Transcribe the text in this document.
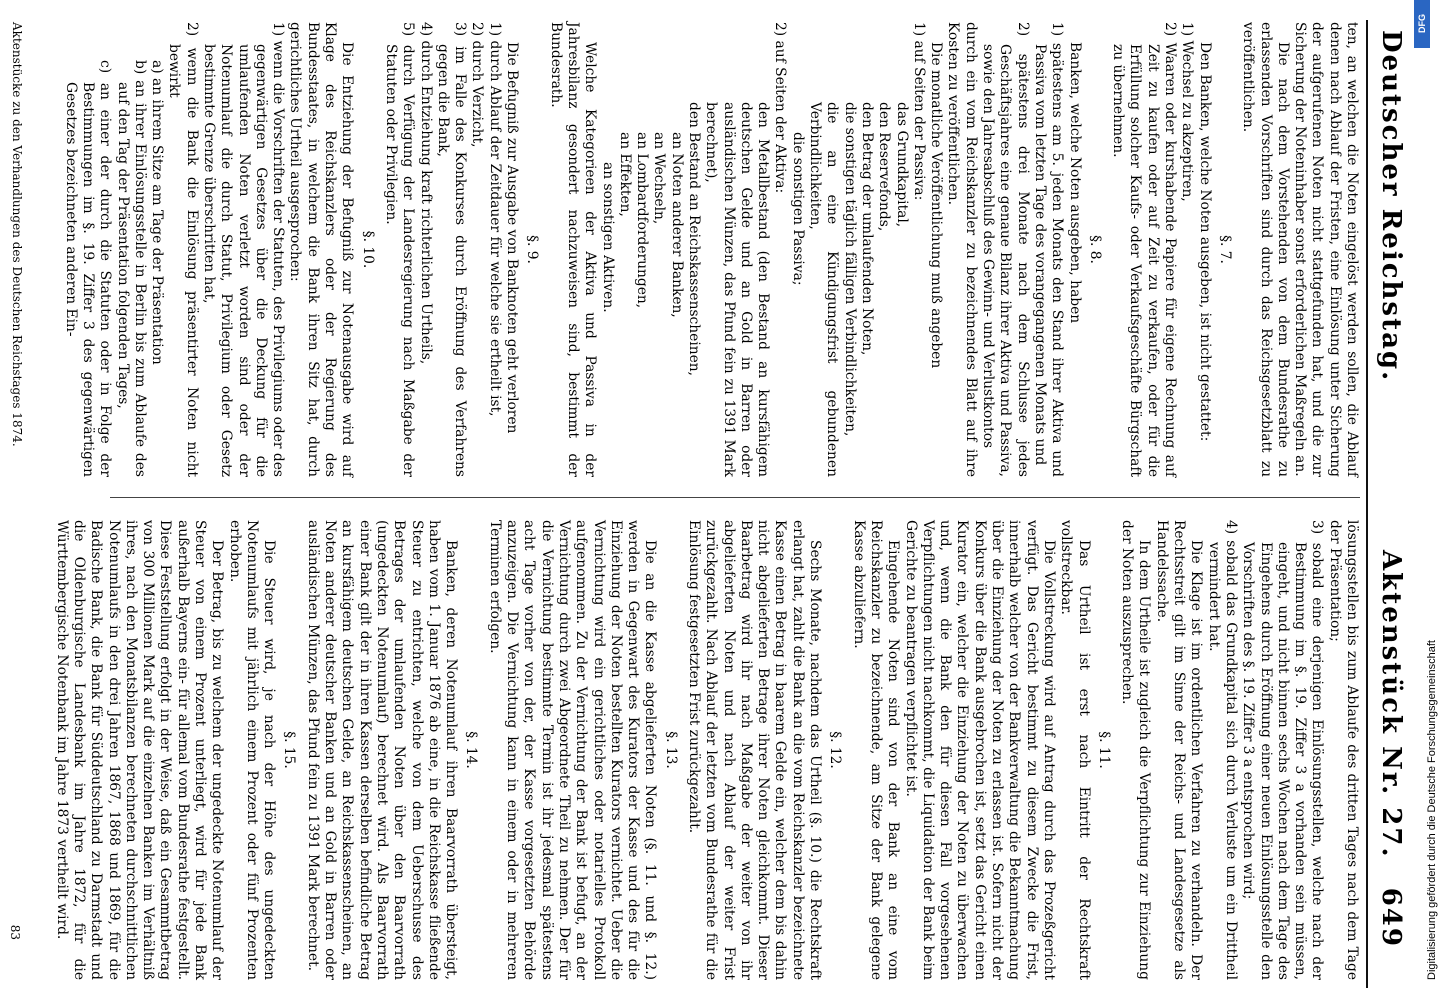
Deutscher Reichstag.
Aktenstück Nr. 27.
649

ten, an welchen die Noten eingelöst werden sollen, die Ablauf denen nach Ablauf der Fristen, eine Einlösung unter Sicherung der aufgerufenen Noten nicht stattgefunden hat, und die zur Sicherung der Noteninhaber sonst erforderlichen Maßregeln an.

Die nach dem Vorstehenden von dem Bundesrathe zu erlassenden Vorschriften sind durch das Reichsgesetzblatt zu veröffentlichen.

§. 7.

Den Banken, welche Noten ausgeben, ist nicht gestattet:

1) Wechsel zu akzeptiren,

2) Waaren oder kurshabende Papiere für eigene Rechnung auf Zeit zu kaufen oder auf Zeit zu verkaufen, oder für die Erfüllung solcher Kaufs- oder Verkaufsgeschäfte Bürgschaft zu übernehmen.

§. 8.

Banken, welche Noten ausgeben, haben

1) spätestens am 5. jeden Monats den Stand ihrer Aktiva und Passiva vom letzten Tage des vorangegangenen Monats und

2) spätestens drei Monate nach dem Schlusse jedes Geschäftsjahres eine genaue Bilanz ihrer Aktiva und Passiva, sowie den Jahresabschluß des Gewinn- und Verlustkontos

durch ein vom Reichskanzler zu bezeichnendes Blatt auf ihre Kosten zu veröffentlichen.

Die monatliche Veröffentlichung muß angeben

1) auf Seiten der Passiva:

das Grundkapital,

den Reservefonds,

den Betrag der umlaufenden Noten,

die sonstigen täglich fälligen Verbindlichkeiten,

die an eine Kündigungsfrist gebundenen Verbindlichkeiten,

die sonstigen Passiva;

2) auf Seiten der Aktiva:

den Metallbestand (den Bestand an kursfähigem deutschen Gelde und an Gold in Barren oder ausländischen Münzen, das Pfund fein zu 1391 Mark berechnet),

den Bestand an Reichskassenscheinen,

an Noten anderer Banken,

an Wechseln,

an Lombardforderungen,

an Effekten,

an sonstigen Aktiven.

Welche Kategorieen der Aktiva und Passiva in der Jahresbilanz gesondert nachzuweisen sind, bestimmt der Bundesrath.

§. 9.

Die Befugniß zur Ausgabe von Banknoten geht verloren

1) durch Ablauf der Zeitdauer für welche sie ertheilt ist,

2) durch Verzicht,

3) im Falle des Konkurses durch Eröffnung des Verfahrens gegen die Bank,

4) durch Entziehung kraft richterlichen Urtheils,

5) durch Verfügung der Landesregierung nach Maßgabe der Statuten oder Privilegien.

§. 10.

Die Entziehung der Befugniß zur Notenausgabe wird auf Klage des Reichskanzlers oder der Regierung des Bundesstaates, in welchem die Bank ihren Sitz hat, durch gerichtliches Urtheil ausgesprochen:

1) wenn die Vorschriften der Statuten, des Privilegiums oder des gegenwärtigen Gesetzes über die Deckung für die umlaufenden Noten verletzt worden sind oder der Notenumlauf die durch Statut, Privilegium oder Gesetz bestimmte Grenze überschritten hat,

2) wenn die Bank die Einlösung präsentirter Noten nicht bewirkt

a) an ihrem Sitze am Tage der Präsentation

b) an ihrer Einlösungsstelle in Berlin bis zum Ablaufe des auf den Tag der Präsentation folgenden Tages,

c) an einer der durch die Statuten oder in Folge der Bestimmungen im §. 19. Ziffer 3 des gegenwärtigen Gesetzes bezeichneten anderen Ein-

lösungsstellen bis zum Ablaufe des dritten Tages nach dem Tage der Präsentation;

3) sobald eine derjenigen Einlösungsstellen, welche nach der Bestimmung im §. 19. Ziffer 3 a vorhanden sein müssen, eingeht, und nicht binnen sechs Wochen nach dem Tage des Eingehens durch Eröffnung einer neuen Einlösungsstelle den Vorschriften des §. 19. Ziffer 3 a entsprochen wird;

4) sobald das Grundkapital sich durch Verluste um ein Drittheil vermindert hat.

Die Klage ist im ordentlichen Verfahren zu verhandeln. Der Rechtsstreit gilt im Sinne der Reichs- und Landesgesetze als Handelssache.

In dem Urtheile ist zugleich die Verpflichtung zur Einziehung der Noten auszusprechen.

§. 11.

Das Urtheil ist erst nach Eintritt der Rechtskraft vollstreckbar.

Die Vollstreckung wird auf Antrag durch das Prozeßgericht verfügt. Das Gericht bestimmt zu diesem Zwecke die Frist, innerhalb welcher von der Bankverwaltung die Bekanntmachung über die Einziehung der Noten zu erlassen ist. Sofern nicht der Konkurs über die Bank ausgebrochen ist, setzt das Gericht einen Kurator ein, welcher die Einziehung der Noten zu überwachen und, wenn die Bank den für diesen Fall vorgesehenen Verpflichtungen nicht nachkommt, die Liquidation der Bank beim Gerichte zu beantragen verpflichtet ist.

Eingehende Noten sind von der Bank an eine vom Reichskanzler zu bezeichnende, am Sitze der Bank gelegene Kasse abzuliefern.

§. 12.

Sechs Monate, nachdem das Urtheil (§. 10.) die Rechtskraft erlangt hat, zahlt die Bank an die vom Reichskanzler bezeichnete Kasse einen Betrag in baarem Gelde ein, welcher dem bis dahin nicht abgelieferten Betrage ihrer Noten gleichkommt. Dieser Baarbetrag wird ihr nach Maßgabe der weiter von ihr abgelieferten Noten und nach Ablauf der weiter Frist zurückgezahlt. Nach Ablauf der letzten vom Bundesrathe für die Einlösung festgesetzten Frist zurückgezahlt.

§. 13.

Die an die Kasse abgelieferten Noten (§. 11. und §. 12.) werden in Gegenwart des Kurators der Kasse und des für die Einziehung der Noten bestellten Kurators vernichtet. Ueber die Vernichtung wird ein gerichtliches oder notarielles Protokoll aufgenommen. Zu der Vernichtung der Bank ist befugt, an der Vernichtung durch zwei Abgeordnete Theil zu nehmen. Der für die Vernichtung bestimmte Termin ist ihr jedesmal spätestens acht Tage vorher von der, der Kasse vorgesetzten Behörde anzuzeigen. Die Vernichtung kann in einem oder in mehreren Terminen erfolgen.

§. 14.

Banken, deren Notenumlauf ihren Baarvorrath übersteigt, haben vom 1. Januar 1876 ab eine, in die Reichskasse fließende Steuer zu entrichten, welche von dem Ueberschusse des Betrages der umlaufenden Noten über den Baarvorrath (ungedeckten Notenumlauf) berechnet wird. Als Baarvorrath einer Bank gilt der in ihren Kassen derselben befindliche Betrag an kursfähigem deutschen Gelde, an Reichskassenscheinen, an Noten anderer deutscher Banken und an Gold in Barren oder ausländischen Münzen, das Pfund fein zu 1391 Mark berechnet.

§. 15.

Die Steuer wird, je nach der Höhe des ungedeckten Notenumlaufs mit jährlich einem Prozent oder fünf Prozenten erhoben.

Der Betrag, bis zu welchem der ungedeckte Notenumlauf der Steuer von einem Prozent unterliegt, wird für jede Bank außerhalb Bayerns ein- für allemal vom Bundesrathe festgestellt. Diese Feststellung erfolgt in der Weise, daß ein Gesammtbetrag von 300 Millionen Mark auf die einzelnen Banken im Verhältniß ihres, nach den Monatsbilanzen berechneten durchschnittlichen Notenumlaufs in den drei Jahren 1867, 1868 und 1869, für die Badische Bank, die Bank für Süddeutschland zu Darmstadt und die Oldenburgische Landesbank im Jahre 1872, für die Württembergische Notenbank im Jahre 1873 vertheilt wird.

Aktenstücke zu den Verhandlungen des Deutschen Reichstages 1874.
83	Digitalisierung gefördert durch die Deutsche Forschungsgemeinschaft
DFG
